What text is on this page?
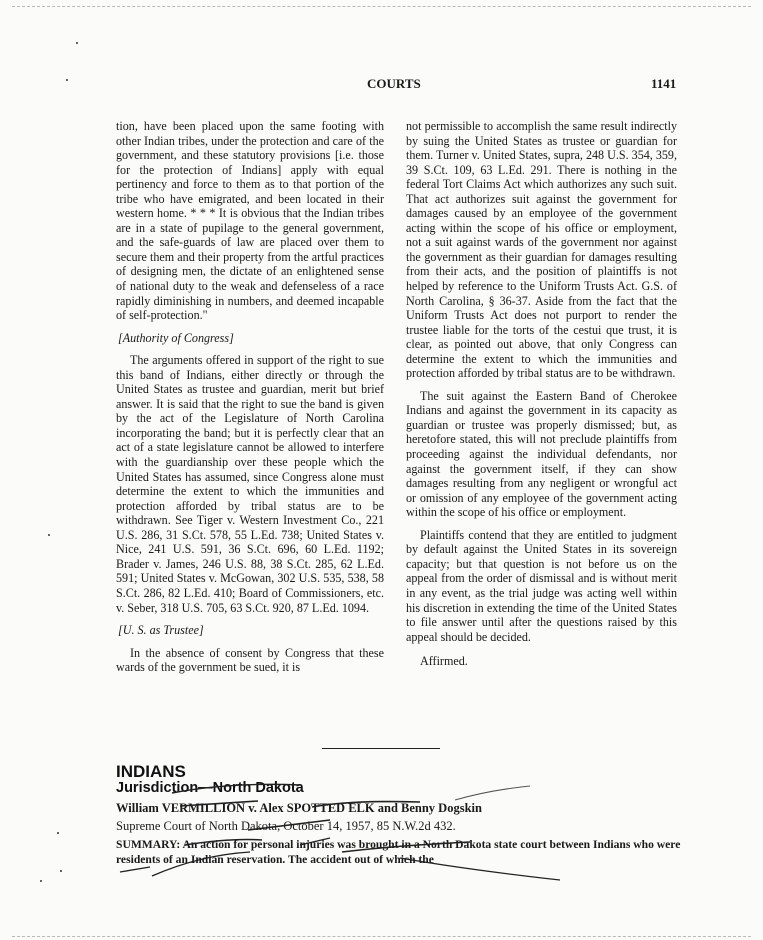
COURTS	1141

tion, have been placed upon the same footing with other Indian tribes, under the protection and care of the government, and these statutory provisions [i.e. those for the protection of Indians] apply with equal pertinency and force to them as to that portion of the tribe who have emigrated, and been located in their western home. * * * It is obvious that the Indian tribes are in a state of pupilage to the general government, and the safe-guards of law are placed over them to secure them and their property from the artful practices of designing men, the dictate of an enlightened sense of national duty to the weak and defenseless of a race rapidly diminishing in numbers, and deemed incapable of self-protection."

[Authority of Congress]

The arguments offered in support of the right to sue this band of Indians, either directly or through the United States as trustee and guardian, merit but brief answer. It is said that the right to sue the band is given by the act of the Legislature of North Carolina incorporating the band; but it is perfectly clear that an act of a state legislature cannot be allowed to interfere with the guardianship over these people which the United States has assumed, since Congress alone must determine the extent to which the immunities and protection afforded by tribal status are to be withdrawn. See Tiger v. Western Investment Co., 221 U.S. 286, 31 S.Ct. 578, 55 L.Ed. 738; United States v. Nice, 241 U.S. 591, 36 S.Ct. 696, 60 L.Ed. 1192; Brader v. James, 246 U.S. 88, 38 S.Ct. 285, 62 L.Ed. 591; United States v. McGowan, 302 U.S. 535, 538, 58 S.Ct. 286, 82 L.Ed. 410; Board of Commissioners, etc. v. Seber, 318 U.S. 705, 63 S.Ct. 920, 87 L.Ed. 1094.

[U. S. as Trustee]

In the absence of consent by Congress that these wards of the government be sued, it is

not permissible to accomplish the same result indirectly by suing the United States as trustee or guardian for them. Turner v. United States, supra, 248 U.S. 354, 359, 39 S.Ct. 109, 63 L.Ed. 291. There is nothing in the federal Tort Claims Act which authorizes any such suit. That act authorizes suit against the government for damages caused by an employee of the government acting within the scope of his office or employment, not a suit against wards of the government nor against the government as their guardian for damages resulting from their acts, and the position of plaintiffs is not helped by reference to the Uniform Trusts Act. G.S. of North Carolina, § 36-37. Aside from the fact that the Uniform Trusts Act does not purport to render the trustee liable for the torts of the cestui que trust, it is clear, as pointed out above, that only Congress can determine the extent to which the immunities and protection afforded by tribal status are to be withdrawn.

The suit against the Eastern Band of Cherokee Indians and against the government in its capacity as guardian or trustee was properly dismissed; but, as heretofore stated, this will not preclude plaintiffs from proceeding against the individual defendants, nor against the government itself, if they can show damages resulting from any negligent or wrongful act or omission of any employee of the government acting within the scope of his office or employment.

Plaintiffs contend that they are entitled to judgment by default against the United States in its sovereign capacity; but that question is not before us on the appeal from the order of dismissal and is without merit in any event, as the trial judge was acting well within his discretion in extending the time of the United States to file answer until after the questions raised by this appeal should be decided.

Affirmed.

INDIANS
Jurisdiction—North Dakota
William VERMILLION v. Alex SPOTTED ELK and Benny Dogskin
Supreme Court of North Dakota, October 14, 1957, 85 N.W.2d 432.
SUMMARY: An action for personal injuries was brought in a North Dakota state court between Indians who were residents of an Indian reservation. The accident out of which the
